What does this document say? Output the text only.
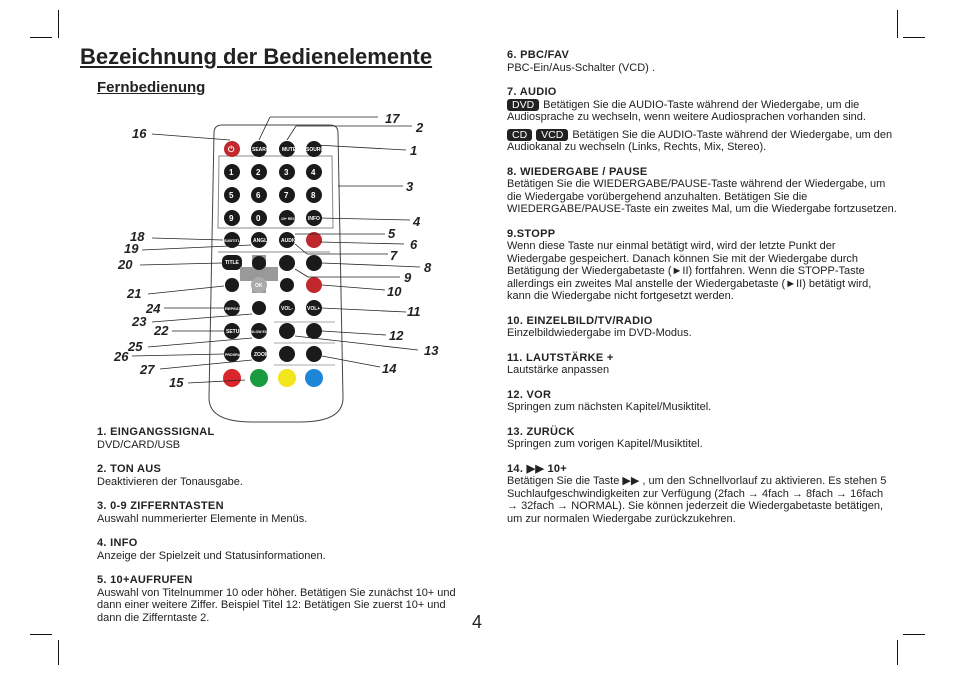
Bezeichnung der Bedienelemente
Fernbedienung
⏻	SEARCH MUTE SOURCE
1	2	3	4
5	6	7	8
9	0	10+ RECALL INFO
SUBTITLE ANGLE AUDIO
TITLE
OK
REPEAT	VOL-	VOL+
SETUP SLOW EXIT
PROGRAM ZOOM
16
17
2
1
3
4
5
6
7
8
9
10
11
12
13
14
15
18
19
20
21
22
23
24
25
26
27
1. EINGANGSSIGNAL

DVD/CARD/USB

2. TON AUS

Deaktivieren der Tonausgabe.

3. 0-9 ZIFFERNTASTEN

Auswahl nummerierter Elemente in Menüs.

4. INFO

Anzeige der Spielzeit und Statusinformationen.

5. 10+AUFRUFEN

Auswahl von Titelnummer 10 oder höher. Betätigen Sie zunächst 10+ und dann einer weitere Ziffer. Beispiel Titel 12: Betätigen Sie zuerst 10+ und dann die Zifferntaste 2.

6. PBC/FAV

PBC-Ein/Aus-Schalter (VCD) .

7. AUDIO

DVD Betätigen Sie die AUDIO-Taste während der Wiedergabe, um die Audiosprache zu wechseln, wenn weitere Audiosprachen vorhanden sind.

CD VCD Betätigen Sie die AUDIO-Taste während der Wiedergabe, um den Audiokanal zu wechseln (Links, Rechts, Mix, Stereo).

8. WIEDERGABE / PAUSE

Betätigen Sie die WIEDERGABE/PAUSE-Taste während der Wiedergabe, um die Wiedergabe vorübergehend anzuhalten. Betätigen Sie die WIEDERGABE/PAUSE-Taste ein zweites Mal, um die Wiedergabe fortzusetzen.

9.STOPP

Wenn diese Taste nur einmal betätigt wird, wird der letzte Punkt der Wiedergabe gespeichert. Danach können Sie mit der Wiedergabe durch Betätigung der Wiedergabetaste (►II) fortfahren. Wenn die STOPP-Taste allerdings ein zweites Mal anstelle der Wiedergabetaste (►II) betätigt wird, kann die Wiedergabe nicht fortgesetzt werden.

10. EINZELBILD/TV/RADIO

Einzelbildwiedergabe im DVD-Modus.

11. LAUTSTÄRKE +

Lautstärke anpassen

12. VOR

Springen zum nächsten Kapitel/Musiktitel.

13. ZURÜCK

Springen zum vorigen Kapitel/Musiktitel.

14. ▶▶ 10+

Betätigen Sie die Taste ▶▶ , um den Schnellvorlauf zu aktivieren. Es stehen 5 Suchlaufgeschwindigkeiten zur Verfügung (2fach → 4fach → 8fach → 16fach → 32fach → NORMAL). Sie können jederzeit die Wiedergabetaste betätigen, um zur normalen Wiedergabe zurückzukehren.

4
